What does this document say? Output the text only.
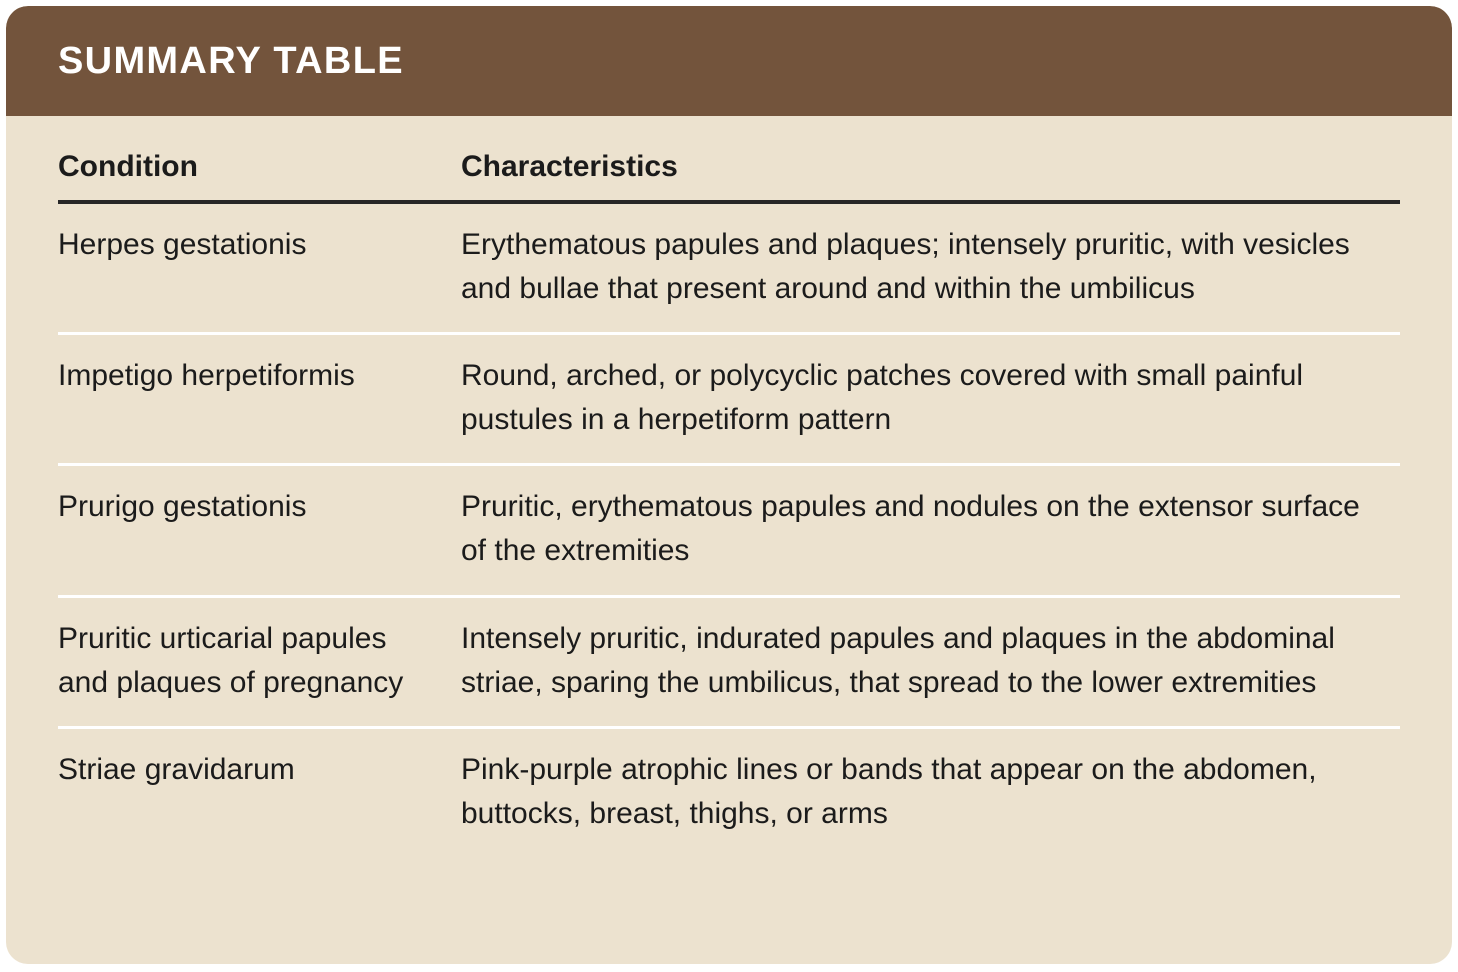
SUMMARY TABLE
Condition	Characteristics
Herpes gestationis	Erythematous papules and plaques; intensely pruritic, with vesicles and bullae that present around and within the umbilicus
Impetigo herpetiformis	Round, arched, or polycyclic patches covered with small painful pustules in a herpetiform pattern
Prurigo gestationis	Pruritic, erythematous papules and nodules on the extensor surface of the extremities
Pruritic urticarial papules and plaques of pregnancy	Intensely pruritic, indurated papules and plaques in the abdominal striae, sparing the umbilicus, that spread to the lower extremities
Striae gravidarum	Pink-purple atrophic lines or bands that appear on the abdomen, buttocks, breast, thighs, or arms
